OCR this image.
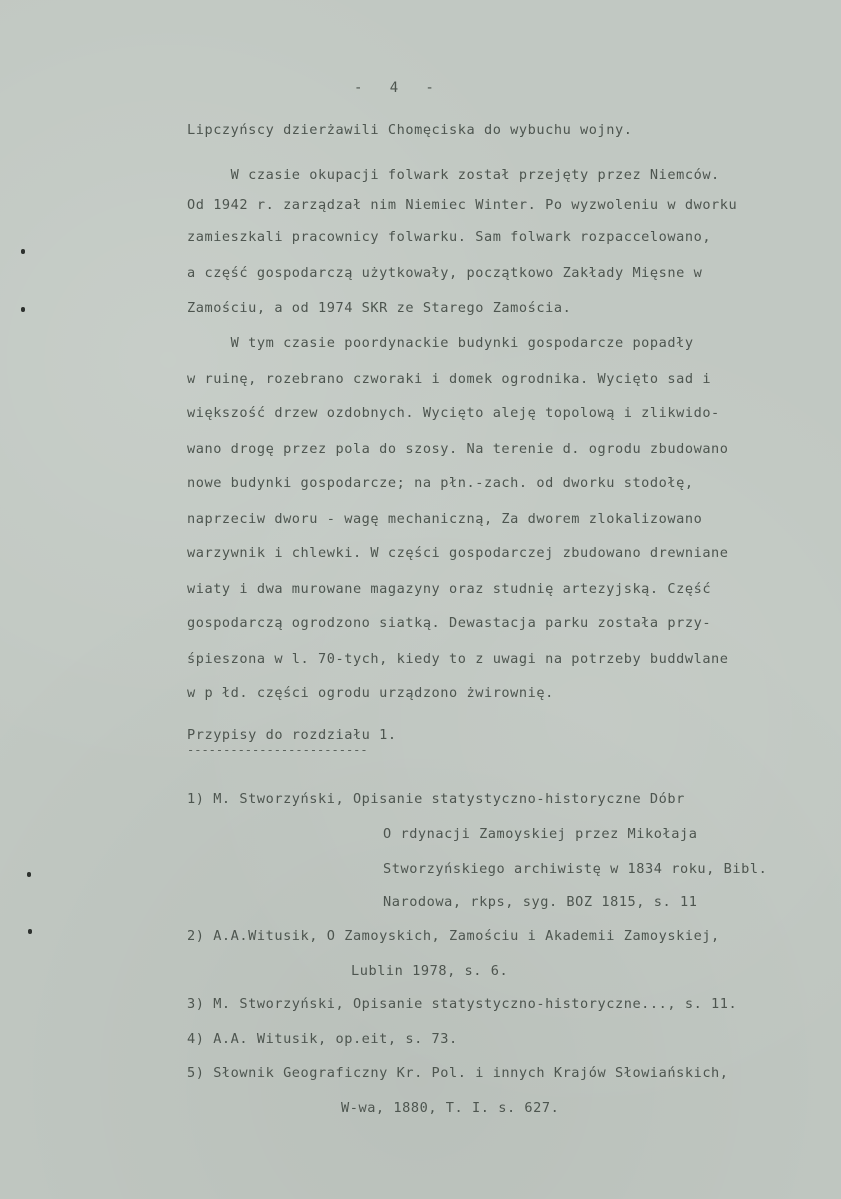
-   4   -
Lipczyńscy dzierżawili Chomęciska do wybuchu wojny.
W czasie okupacji folwark został przejęty przez Niemców.
Od 1942 r. zarządzał nim Niemiec Winter. Po wyzwoleniu w dworku
zamieszkali pracownicy folwarku. Sam folwark rozpaccelowano,
a część gospodarczą użytkowały, początkowo Zakłady Mięsne w
Zamościu, a od 1974 SKR ze Starego Zamościa.
W tym czasie poordynackie budynki gospodarcze popadły
w ruinę, rozebrano czworaki i domek ogrodnika. Wycięto sad i
większość drzew ozdobnych. Wycięto aleję topolową i zlikwido-
wano drogę przez pola do szosy. Na terenie d. ogrodu zbudowano
nowe budynki gospodarcze; na płn.-zach. od dworku stodołę,
naprzeciw dworu - wagę mechaniczną, Za dworem zlokalizowano
warzywnik i chlewki. W części gospodarczej zbudowano drewniane
wiaty i dwa murowane magazyny oraz studnię artezyjską. Część
gospodarczą ogrodzono siatką. Dewastacja parku została przy-
śpieszona w l. 70-tych, kiedy to z uwagi na potrzeby buddwlane
w p łd. części ogrodu urządzono żwirownię.
Przypisy do rozdziału 1.
-------------------------
1) M. Stworzyński, Opisanie statystyczno-historyczne Dóbr
O rdynacji Zamoyskiej przez Mikołaja
Stworzyńskiego archiwistę w 1834 roku, Bibl.
Narodowa, rkps, syg. BOZ 1815, s. 11
2) A.A.Witusik, O Zamoyskich, Zamościu i Akademii Zamoyskiej,
Lublin 1978, s. 6.
3) M. Stworzyński, Opisanie statystyczno-historyczne..., s. 11.
4) A.A. Witusik, op.eit, s. 73.
5) Słownik Geograficzny Kr. Pol. i innych Krajów Słowiańskich,
W-wa, 1880, T. I. s. 627.
